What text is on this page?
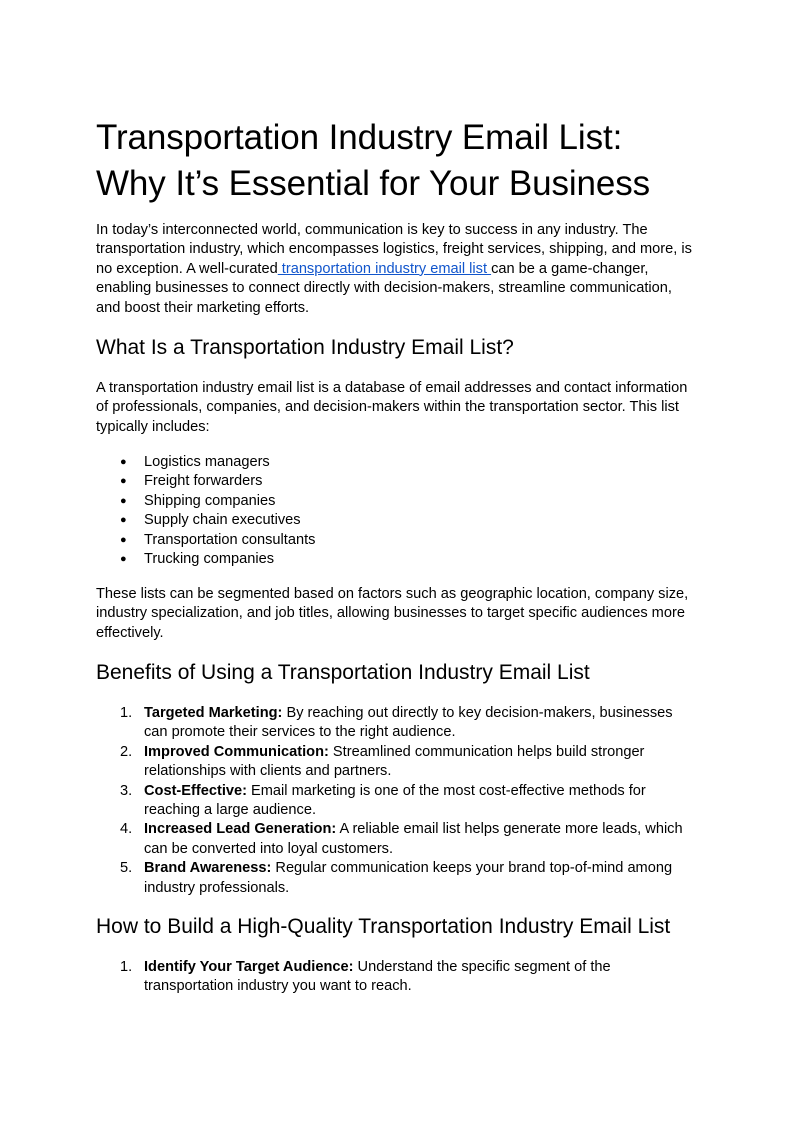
Transportation Industry Email List:
Why It’s Essential for Your Business

In today’s interconnected world, communication is key to success in any industry. The
transportation industry, which encompasses logistics, freight services, shipping, and more, is
no exception. A well-curated transportation industry email list can be a game-changer,
enabling businesses to connect directly with decision-makers, streamline communication,
and boost their marketing efforts.

What Is a Transportation Industry Email List?

A transportation industry email list is a database of email addresses and contact information
of professionals, companies, and decision-makers within the transportation sector. This list
typically includes:

● Logistics managers
● Freight forwarders
● Shipping companies
● Supply chain executives
● Transportation consultants
● Trucking companies

These lists can be segmented based on factors such as geographic location, company size,
industry specialization, and job titles, allowing businesses to target specific audiences more
effectively.

Benefits of Using a Transportation Industry Email List
1. Targeted Marketing: By reaching out directly to key decision-makers, businesses
can promote their services to the right audience.
2. Improved Communication: Streamlined communication helps build stronger
relationships with clients and partners.
3. Cost-Effective: Email marketing is one of the most cost-effective methods for
reaching a large audience.
4. Increased Lead Generation: A reliable email list helps generate more leads, which
can be converted into loyal customers.
5. Brand Awareness: Regular communication keeps your brand top-of-mind among
industry professionals.
How to Build a High-Quality Transportation Industry Email List
1. Identify Your Target Audience: Understand the specific segment of the
transportation industry you want to reach.
